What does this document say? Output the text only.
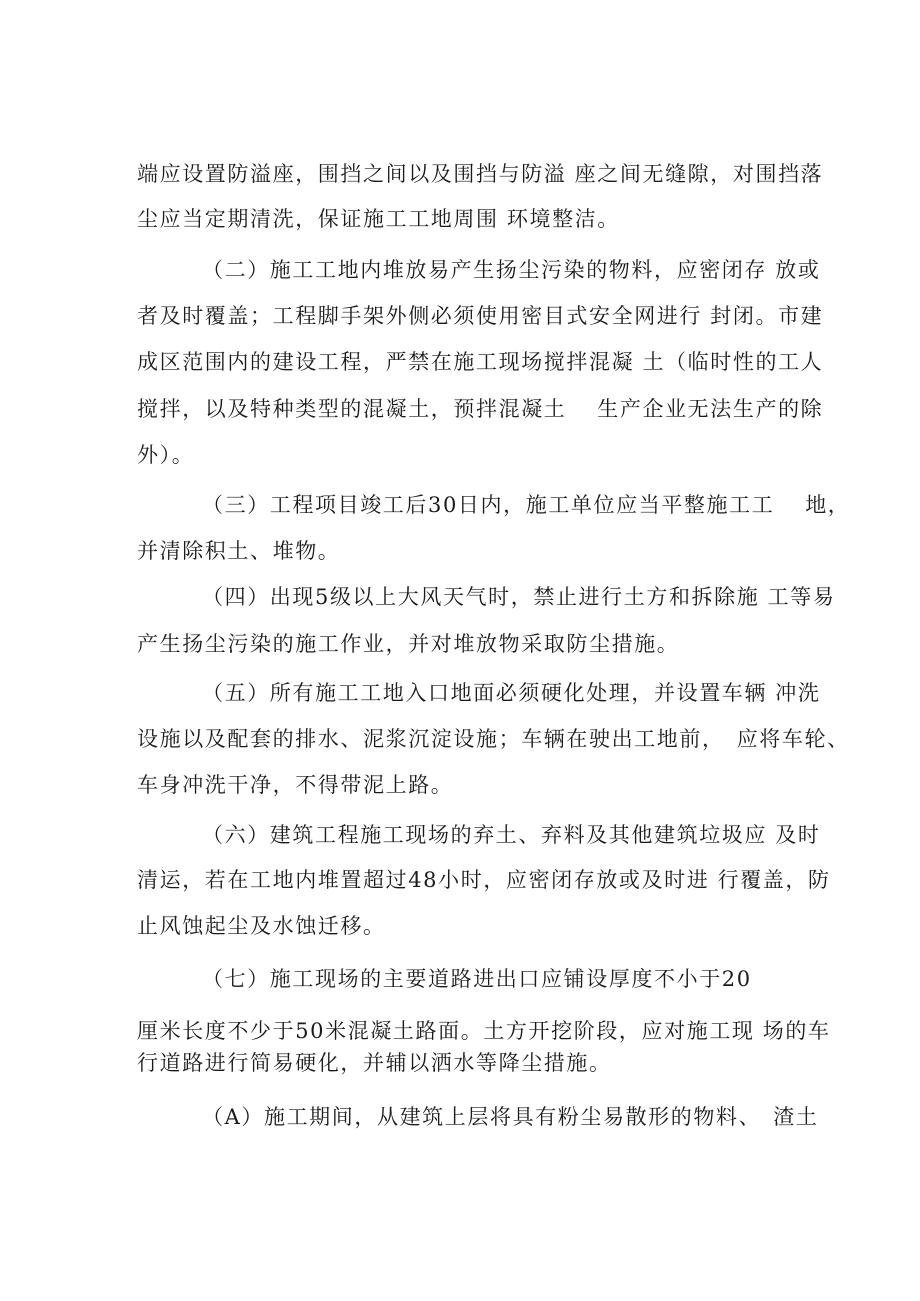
端应设置防溢座，围挡之间以及围挡与防溢 座之间无缝隙，对围挡落
尘应当定期清洗，保证施工工地周围 环境整洁。
（二）施工工地内堆放易产生扬尘污染的物料，应密闭存 放或
者及时覆盖；工程脚手架外侧必须使用密目式安全网进行 封闭。市建
成区范围内的建设工程，严禁在施工现场搅拌混凝 土（临时性的工人
搅拌，以及特种类型的混凝土，预拌混凝土　 生产企业无法生产的除
外）。
（三）工程项目竣工后30日内，施工单位应当平整施工工　 地，
并清除积土、堆物。
（四）出现5级以上大风天气时，禁止进行土方和拆除施 工等易
产生扬尘污染的施工作业，并对堆放物采取防尘措施。
（五）所有施工工地入口地面必须硬化处理，并设置车辆 冲洗
设施以及配套的排水、泥浆沉淀设施；车辆在驶出工地前，　应将车轮、
车身冲洗干净，不得带泥上路。
（六）建筑工程施工现场的弃土、弃料及其他建筑垃圾应 及时
清运，若在工地内堆置超过48小时，应密闭存放或及时进 行覆盖，防
止风蚀起尘及水蚀迁移。
（七）施工现场的主要道路进出口应铺设厚度不小于20
厘米长度不少于50米混凝土路面。土方开挖阶段，应对施工现 场的车
行道路进行简易硬化，并辅以洒水等降尘措施。
（A）施工期间，从建筑上层将具有粉尘易散形的物料、　渣土
